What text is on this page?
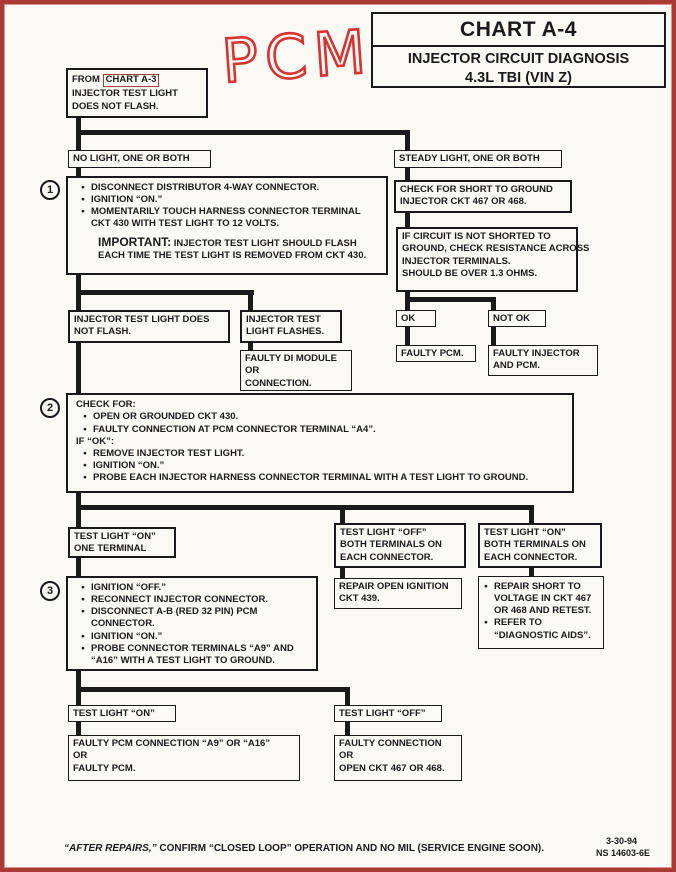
CHART A-4
INJECTOR CIRCUIT DIAGNOSIS
4.3L TBI (VIN Z)
PCM
FROM CHART A-3
INJECTOR TEST LIGHT
DOES NOT FLASH.
NO LIGHT, ONE OR BOTH	STEADY LIGHT, ONE OR BOTH
1	● DISCONNECT DISTRIBUTOR 4-WAY CONNECTOR.
● IGNITION “ON.”
● MOMENTARILY TOUCH HARNESS CONNECTOR TERMINAL CKT 430 WITH TEST LIGHT TO 12 VOLTS.
IMPORTANT: INJECTOR TEST LIGHT SHOULD FLASH EACH TIME THE TEST LIGHT IS REMOVED FROM CKT 430.
INJECTOR TEST LIGHT DOES
NOT FLASH.
INJECTOR TEST
LIGHT FLASHES.
FAULTY DI MODULE
OR
CONNECTION.
CHECK FOR SHORT TO GROUND
INJECTOR CKT 467 OR 468.
IF CIRCUIT IS NOT SHORTED TO
GROUND, CHECK RESISTANCE ACROSS
INJECTOR TERMINALS.
SHOULD BE OVER 1.3 OHMS.
OK	NOT OK
FAULTY PCM.	FAULTY INJECTOR
AND PCM.
2 CHECK FOR:
● OPEN OR GROUNDED CKT 430.
● FAULTY CONNECTION AT PCM CONNECTOR TERMINAL “A4”.
IF “OK”:
● REMOVE INJECTOR TEST LIGHT.
● IGNITION “ON.”
● PROBE EACH INJECTOR HARNESS CONNECTOR TERMINAL WITH A TEST LIGHT TO GROUND.
TEST LIGHT “ON”
ONE TERMINAL
TEST LIGHT “OFF”
BOTH TERMINALS ON
EACH CONNECTOR.
TEST LIGHT “ON”
BOTH TERMINALS ON
EACH CONNECTOR.
REPAIR OPEN IGNITION
CKT 439.
● REPAIR SHORT TO VOLTAGE IN CKT 467 OR 468 AND RETEST.
● REFER TO “DIAGNOSTIC AIDS”.
3	● IGNITION “OFF.”
● RECONNECT INJECTOR CONNECTOR.
● DISCONNECT A-B (RED 32 PIN) PCM CONNECTOR.
● IGNITION “ON.”
● PROBE CONNECTOR TERMINALS “A9” AND “A16” WITH A TEST LIGHT TO GROUND.
TEST LIGHT “ON”	TEST LIGHT “OFF”
FAULTY PCM CONNECTION “A9” OR “A16”
OR
FAULTY PCM.
FAULTY CONNECTION
OR
OPEN CKT 467 OR 468.
“AFTER REPAIRS,” CONFIRM “CLOSED LOOP” OPERATION AND NO MIL (SERVICE ENGINE SOON).
3-30-94
NS 14603-6E
